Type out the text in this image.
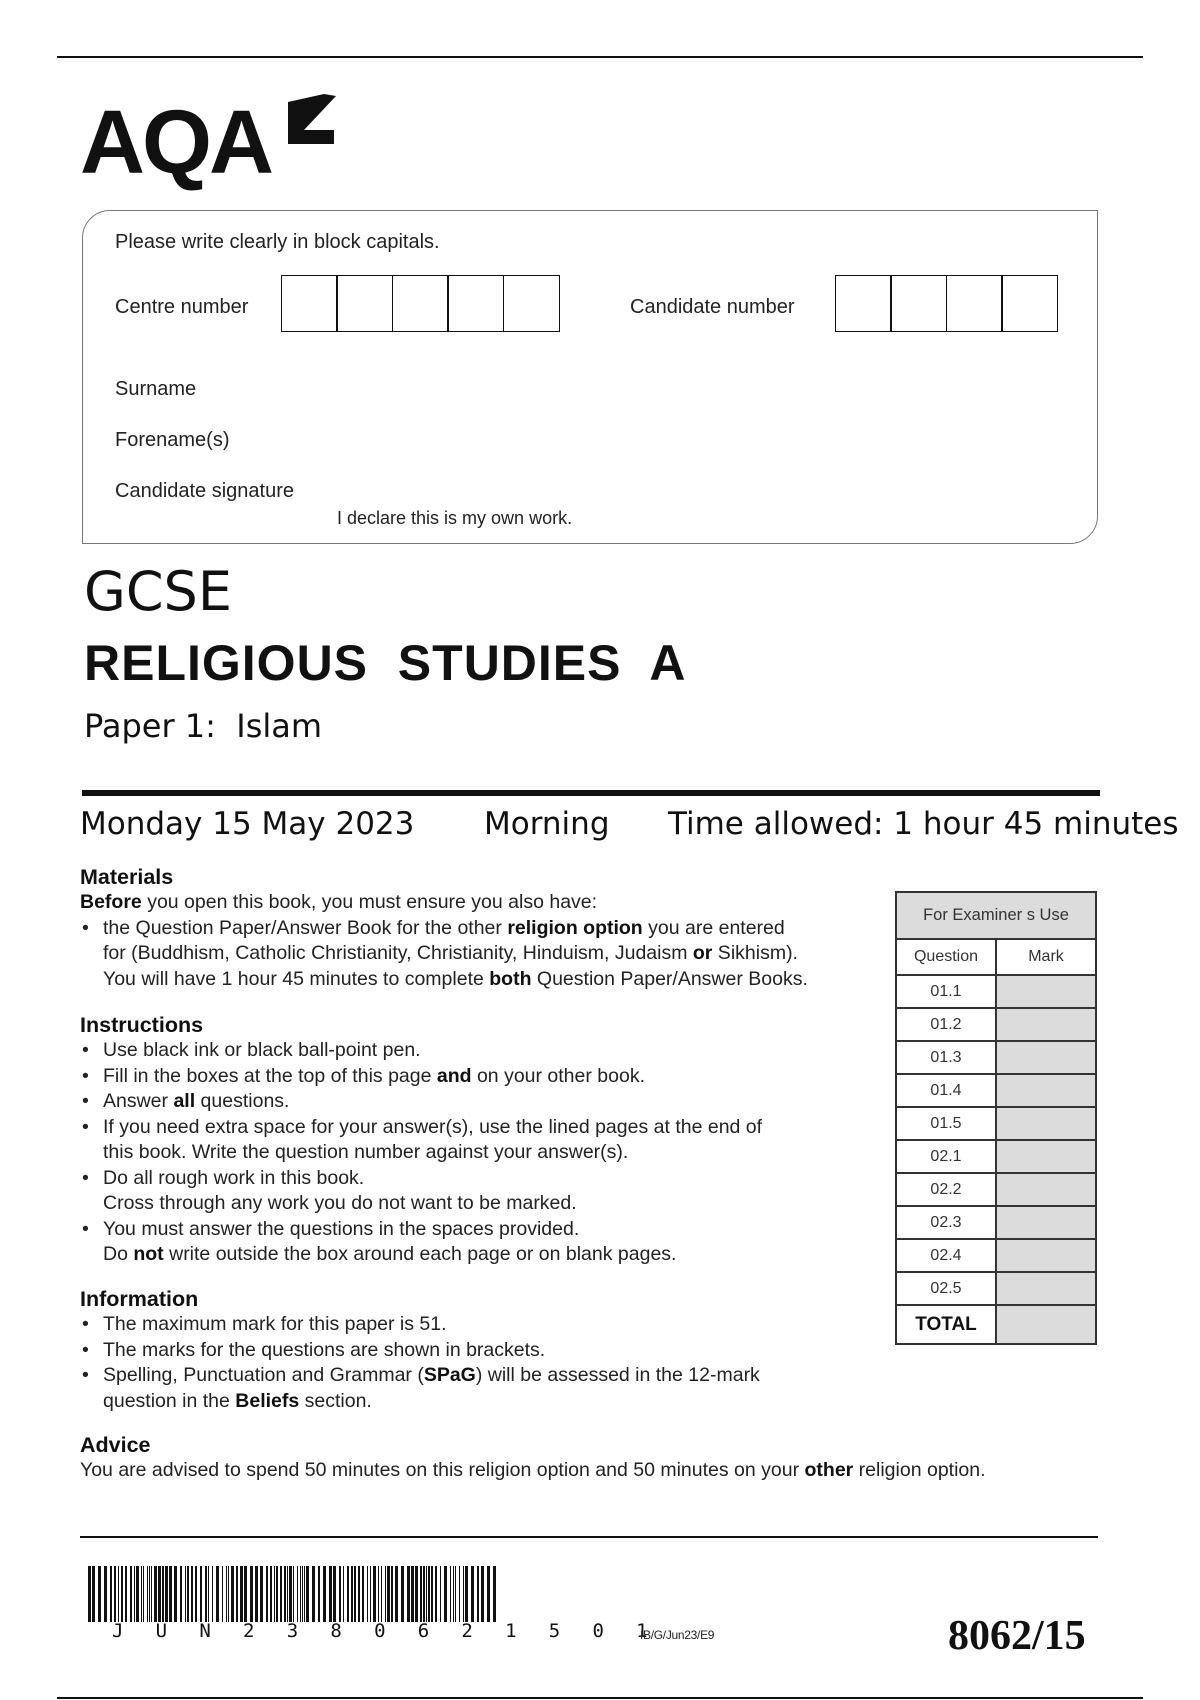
AQA
Please write clearly in block capitals.
Centre number	Candidate number
Surname
Forename(s)
Candidate signature
I declare this is my own work.
GCSE
RELIGIOUS  STUDIES  A
Paper 1:  Islam
Monday 15 May 2023 Morning Time allowed: 1 hour 45 minutes
Materials
Before you open this book, you must ensure you also have:
• the Question Paper/Answer Book for the other religion option you are entered
for (Buddhism, Catholic Christianity, Christianity, Hinduism, Judaism or Sikhism).
You will have 1 hour 45 minutes to complete both Question Paper/Answer Books.
Instructions
• Use black ink or black ball-point pen.
• Fill in the boxes at the top of this page and on your other book.
• Answer all questions.
• If you need extra space for your answer(s), use the lined pages at the end of
this book. Write the question number against your answer(s).
• Do all rough work in this book.
Cross through any work you do not want to be marked.
• You must answer the questions in the spaces provided.
Do not write outside the box around each page or on blank pages.
Information
• The maximum mark for this paper is 51.
• The marks for the questions are shown in brackets.
• Spelling, Punctuation and Grammar (SPaG) will be assessed in the 12-mark
question in the Beliefs section.
Advice
You are advised to spend 50 minutes on this religion option and 50 minutes on your other religion option.
For Examiner s Use	
Question	Mark
01.1	
01.2	
01.3	
01.4	
01.5	
02.1	
02.2	
02.3	
02.4	
02.5	
TOTAL	
J U N 2 3 8 0 6 2 1 5 0 1
IB/G/Jun23/E9	8062/15
